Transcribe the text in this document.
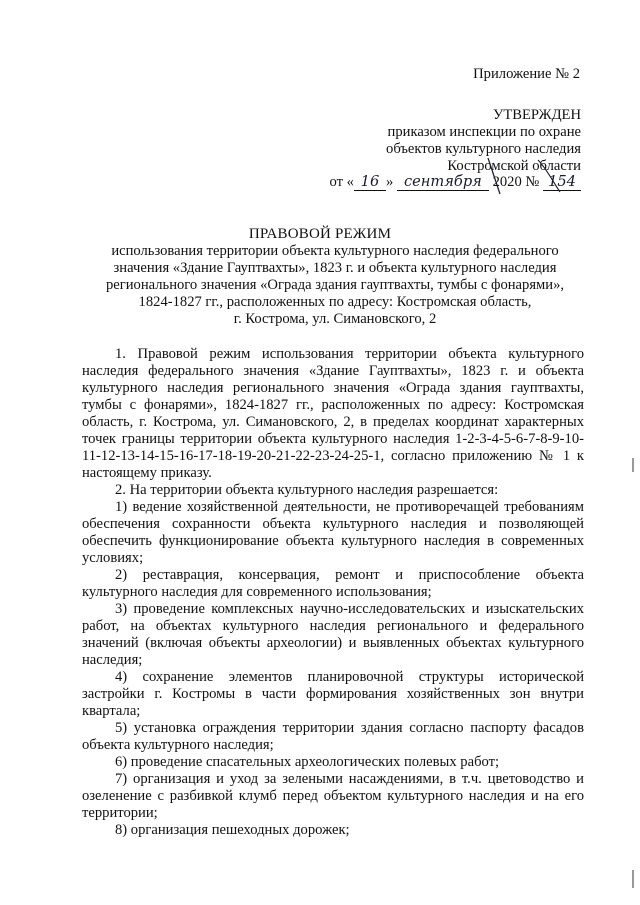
Приложение № 2
УТВЕРЖДЕН
приказом инспекции по охране
объектов культурного наследия
Костромской области
от « 16 » сентября 2020 № 154
ПРАВОВОЙ РЕЖИМ
использования территории объекта культурного наследия федерального значения «Здание Гауптвахты», 1823 г. и объекта культурного наследия регионального значения «Ограда здания гауптвахты, тумбы с фонарями», 1824-1827 гг., расположенных по адресу: Костромская область,
г. Кострома, ул. Симановского, 2

1. Правовой режим использования территории объекта культурного наследия федерального значения «Здание Гауптвахты», 1823 г. и объекта культурного наследия регионального значения «Ограда здания гауптвахты, тумбы с фонарями», 1824-1827 гг., расположенных по адресу: Костромская область, г. Кострома, ул. Симановского, 2, в пределах координат характерных точек границы территории объекта культурного наследия 1-2-3-4-5-6-7-8-9-10-11-12-13-14-15-16-17-18-19-20-21-22-23-24-25-1, согласно приложению № 1 к настоящему приказу.

2. На территории объекта культурного наследия разрешается:

1) ведение хозяйственной деятельности, не противоречащей требованиям обеспечения сохранности объекта культурного наследия и позволяющей обеспечить функционирование объекта культурного наследия в современных условиях;

2) реставрация, консервация, ремонт и приспособление объекта культурного наследия для современного использования;

3) проведение комплексных научно-исследовательских и изыскательских работ, на объектах культурного наследия регионального и федерального значений (включая объекты археологии) и выявленных объектах культурного наследия;

4) сохранение элементов планировочной структуры исторической застройки г. Костромы в части формирования хозяйственных зон внутри квартала;

5) установка ограждения территории здания согласно паспорту фасадов объекта культурного наследия;

6) проведение спасательных археологических полевых работ;

7) организация и уход за зелеными насаждениями, в т.ч. цветоводство и озеленение с разбивкой клумб перед объектом культурного наследия и на его территории;

8) организация пешеходных дорожек;
